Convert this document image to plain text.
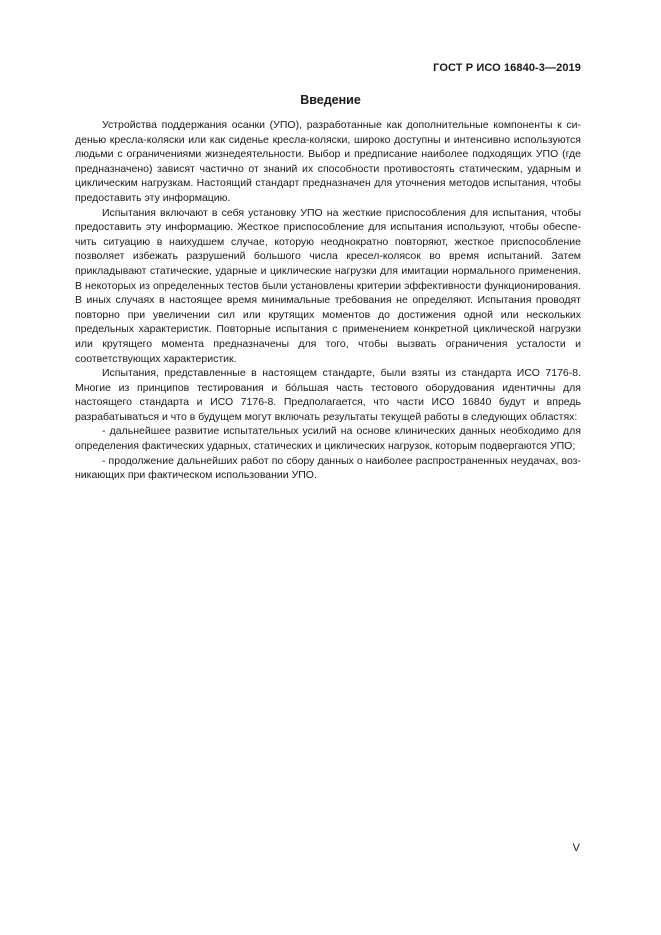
ГОСТ Р ИСО 16840-3—2019
Введение

Устройства поддержания осанки (УПО), разработанные как дополнительные компоненты к сиденью кресла-коляски или как сиденье кресла-коляски, широко доступны и интенсивно используются людьми с ограничениями жизнедеятельности. Выбор и предписание наиболее подходящих УПО (где предназначено) зависят частично от знаний их способности противостоять статическим, ударным и циклическим нагрузкам. Настоящий стандарт предназначен для уточнения методов испытания, чтобы предоставить эту информацию.

Испытания включают в себя установку УПО на жесткие приспособления для испытания, чтобы предоставить эту информацию. Жесткое приспособление для испытания используют, чтобы обеспечить ситуацию в наихудшем случае, которую неоднократно повторяют, жесткое приспособление позволяет избежать разрушений большого числа кресел-колясок во время испытаний. Затем прикладывают статические, ударные и циклические нагрузки для имитации нормального применения. В некоторых из определенных тестов были установлены критерии эффективности функционирования. В иных случаях в настоящее время минимальные требования не определяют. Испытания проводят повторно при увеличении сил или крутящих моментов до достижения одной или нескольких предельных характеристик. Повторные испытания с применением конкретной циклической нагрузки или крутящего момента предназначены для того, чтобы вызвать ограничения усталости и соответствующих характеристик.

Испытания, представленные в настоящем стандарте, были взяты из стандарта ИСО 7176-8. Многие из принципов тестирования и бо́льшая часть тестового оборудования идентичны для настоящего стандарта и ИСО 7176-8. Предполагается, что части ИСО 16840 будут и впредь разрабатываться и что в будущем могут включать результаты текущей работы в следующих областях:

- дальнейшее развитие испытательных усилий на основе клинических данных необходимо для определения фактических ударных, статических и циклических нагрузок, которым подвергаются УПО;

- продолжение дальнейших работ по сбору данных о наиболее распространенных неудачах, возникающих при фактическом использовании УПО.

V
